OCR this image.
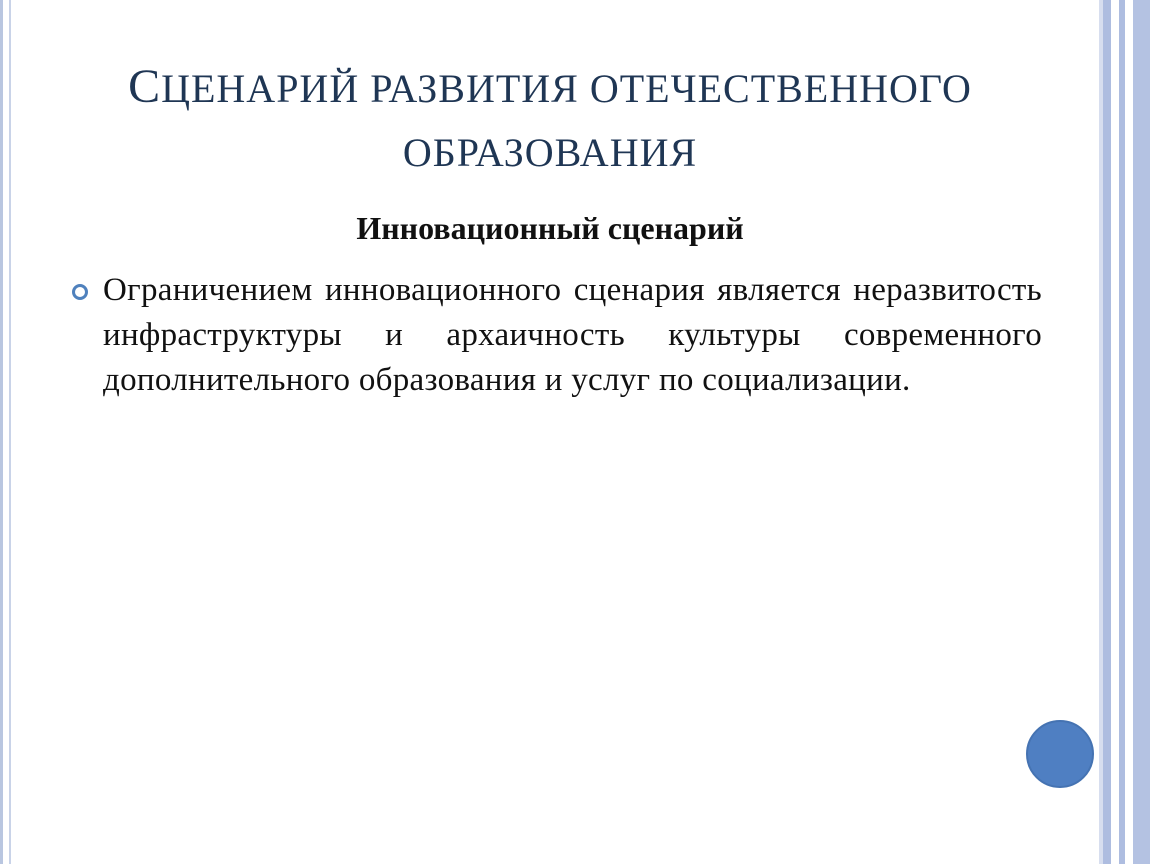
СЦЕНАРИЙ РАЗВИТИЯ ОТЕЧЕСТВЕННОГО
ОБРАЗОВАНИЯ
Инновационный сценарий
Ограничением инновационного сценария является неразвитость инфраструктуры и архаичность культуры современного дополнительного образования и услуг по социализации.
